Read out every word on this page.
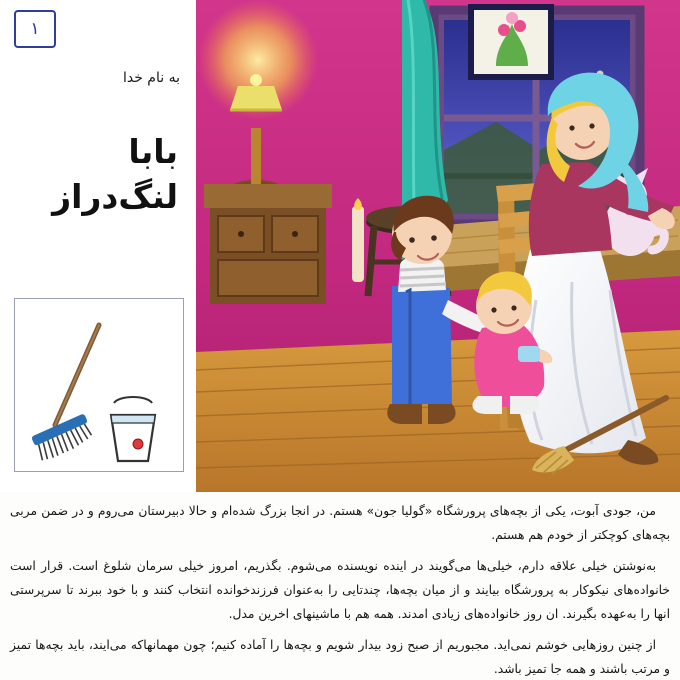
۱
به نام خدا
بابا
لنگ‌دراز

من، جودی آبوت، یکی از بچه‌های پرورشگاه «گولیا جون» هستم. در انجا بزرگ شده‌ام و حالا دبیرستان می‌روم و در ضمن مربی بچه‌های کوچکتر از خودم هم هستم.

به‌نوشتن خیلی علاقه دارم، خیلی‌ها می‌گویند در اینده نویسنده می‌شوم. بگذریم، امروز خیلی سرمان شلوغ است. قرار است خانواده‌های نیکوکار به پرورشگاه بیایند و از میان بچه‌ها، چندتایی را به‌عنوان فرزندخوانده انتخاب کنند و با خود ببرند تا سرپرستی انها را به‌عهده بگیرند. ان روز خانواده‌های زیادی امدند. همه هم با ماشینهای اخرین مدل.

از چنین روزهایی خوشم نمی‌اید. مجبوریم از صبح زود بیدار شویم و بچه‌ها را آماده کنیم؛ چون مهمانهاکه می‌ایند، باید بچه‌ها تمیز و مرتب باشند و همه جا تمیز باشد.
